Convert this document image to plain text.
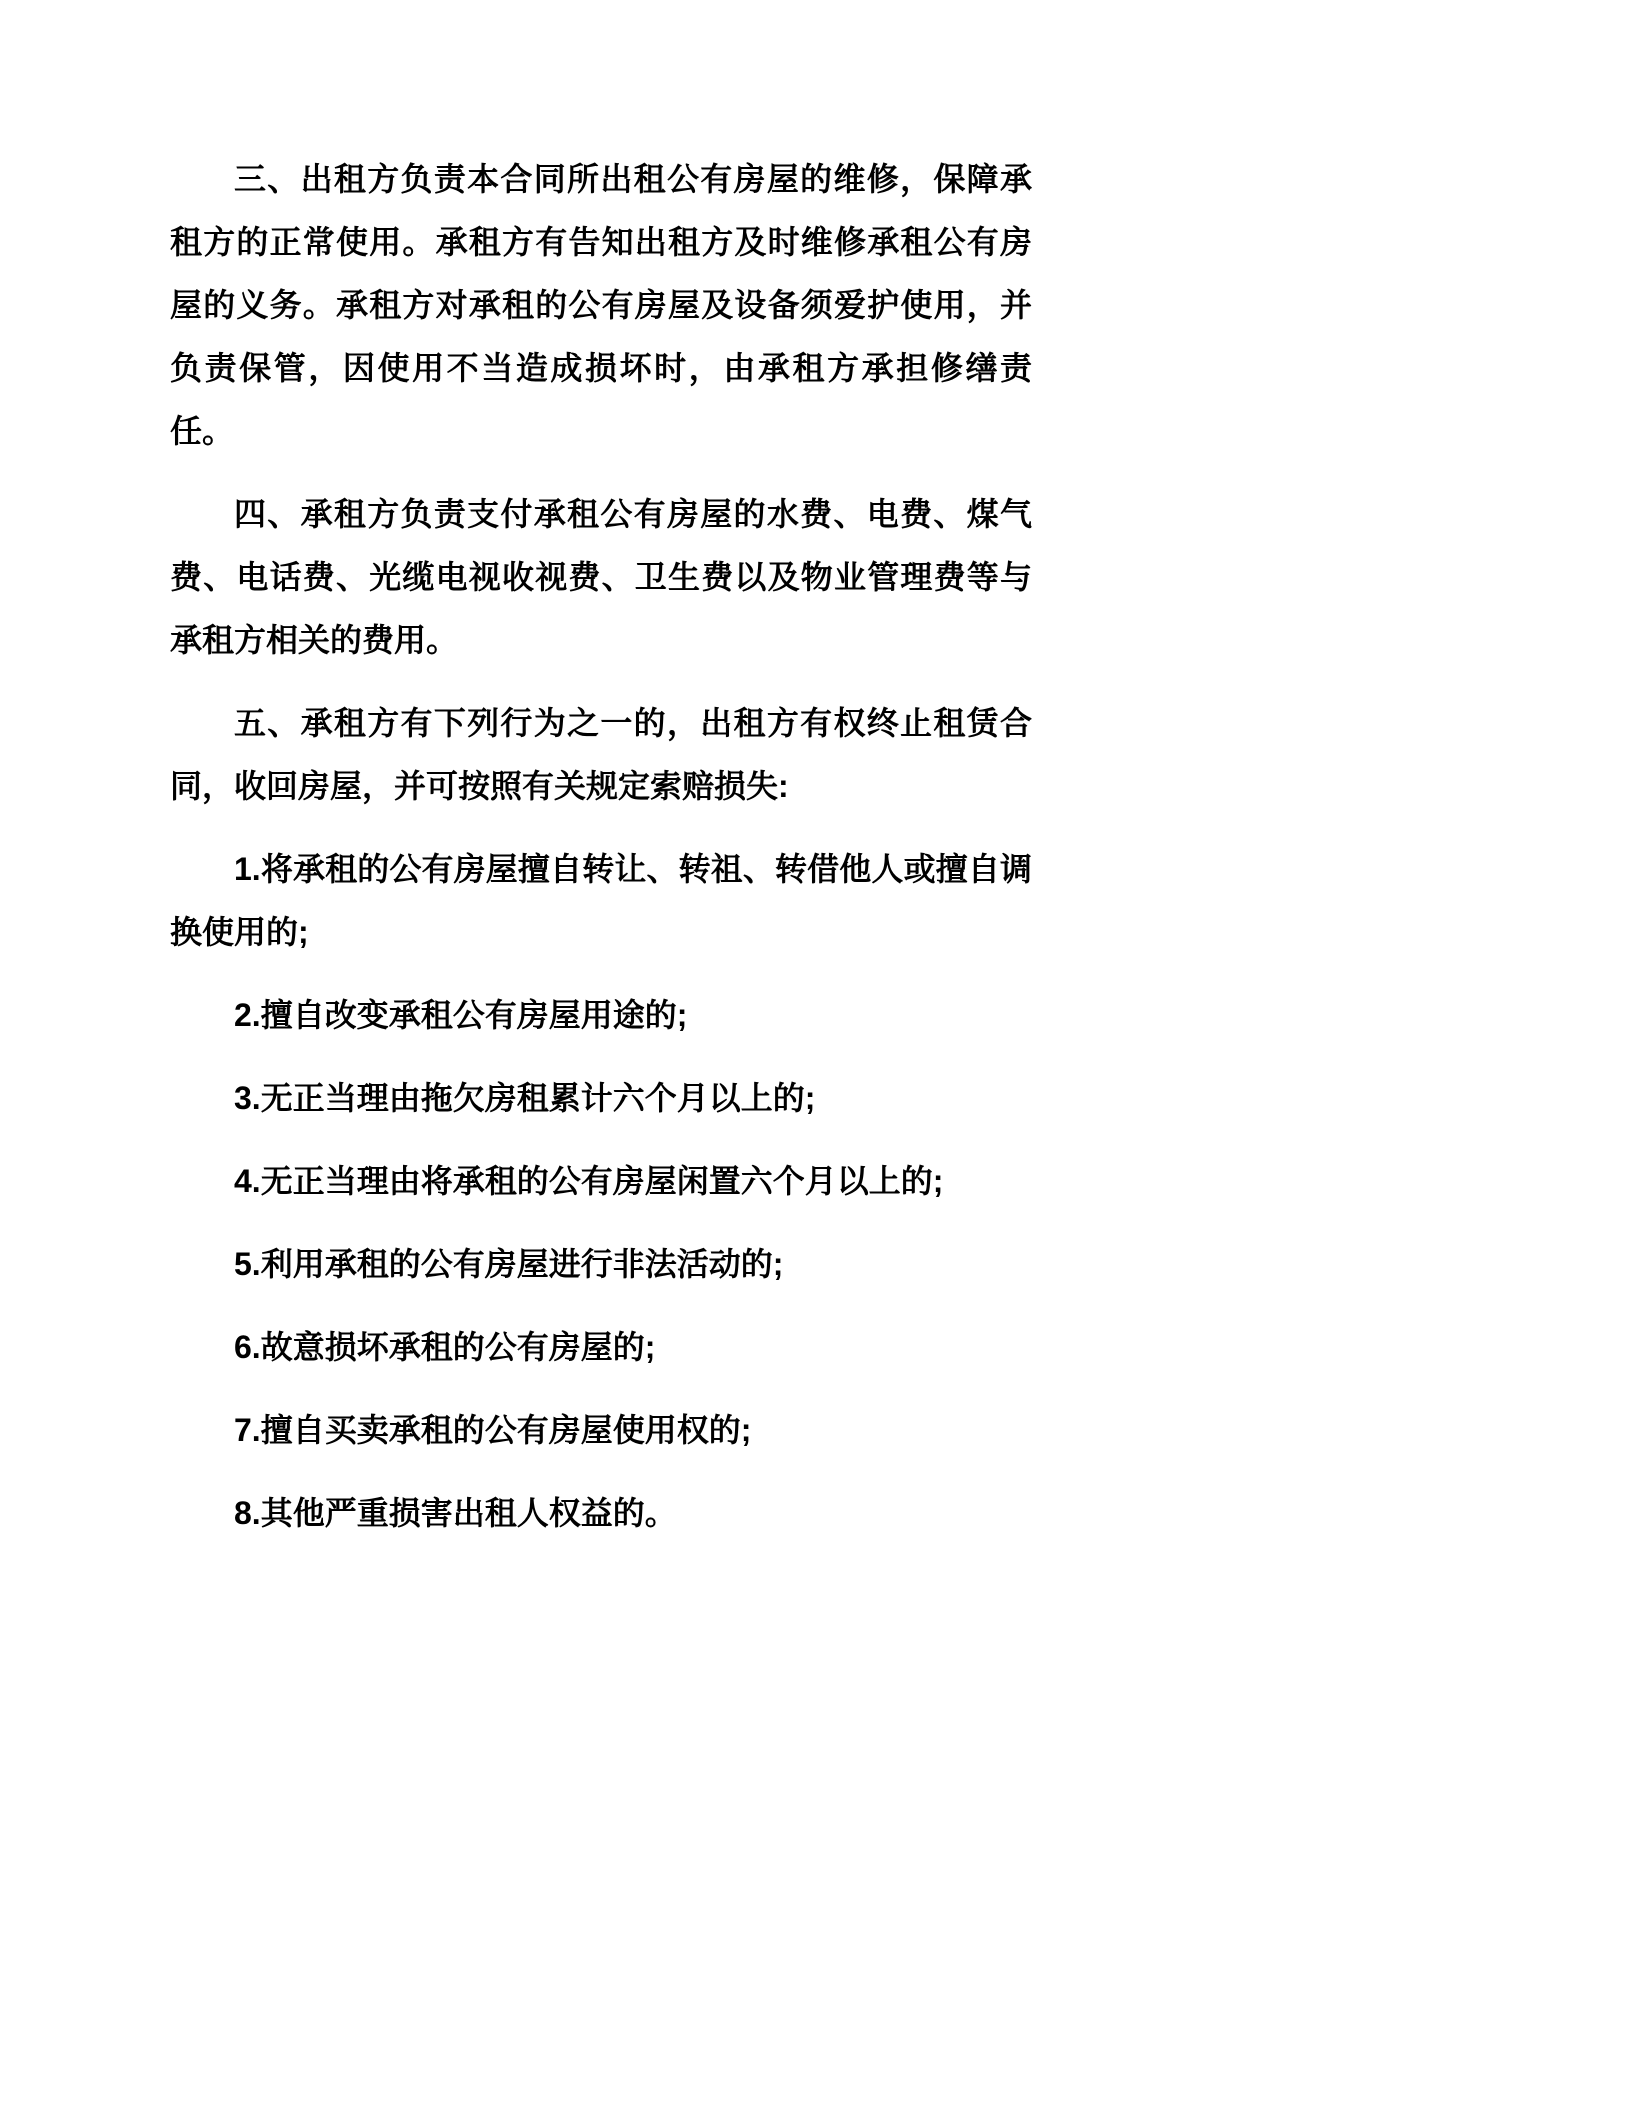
三、出租方负责本合同所出租公有房屋的维修，保障承租方的正常使用。承租方有告知出租方及时维修承租公有房屋的义务。承租方对承租的公有房屋及设备须爱护使用，并负责保管，因使用不当造成损坏时，由承租方承担修缮责任。

四、承租方负责支付承租公有房屋的水费、电费、煤气费、电话费、光缆电视收视费、卫生费以及物业管理费等与承租方相关的费用。

五、承租方有下列行为之一的，出租方有权终止租赁合同，收回房屋，并可按照有关规定索赔损失:

1.将承租的公有房屋擅自转让、转祖、转借他人或擅自调换使用的;

2.擅自改变承租公有房屋用途的;

3.无正当理由拖欠房租累计六个月以上的;

4.无正当理由将承租的公有房屋闲置六个月以上的;

5.利用承租的公有房屋进行非法活动的;

6.故意损坏承租的公有房屋的;

7.擅自买卖承租的公有房屋使用权的;

8.其他严重损害出租人权益的。
